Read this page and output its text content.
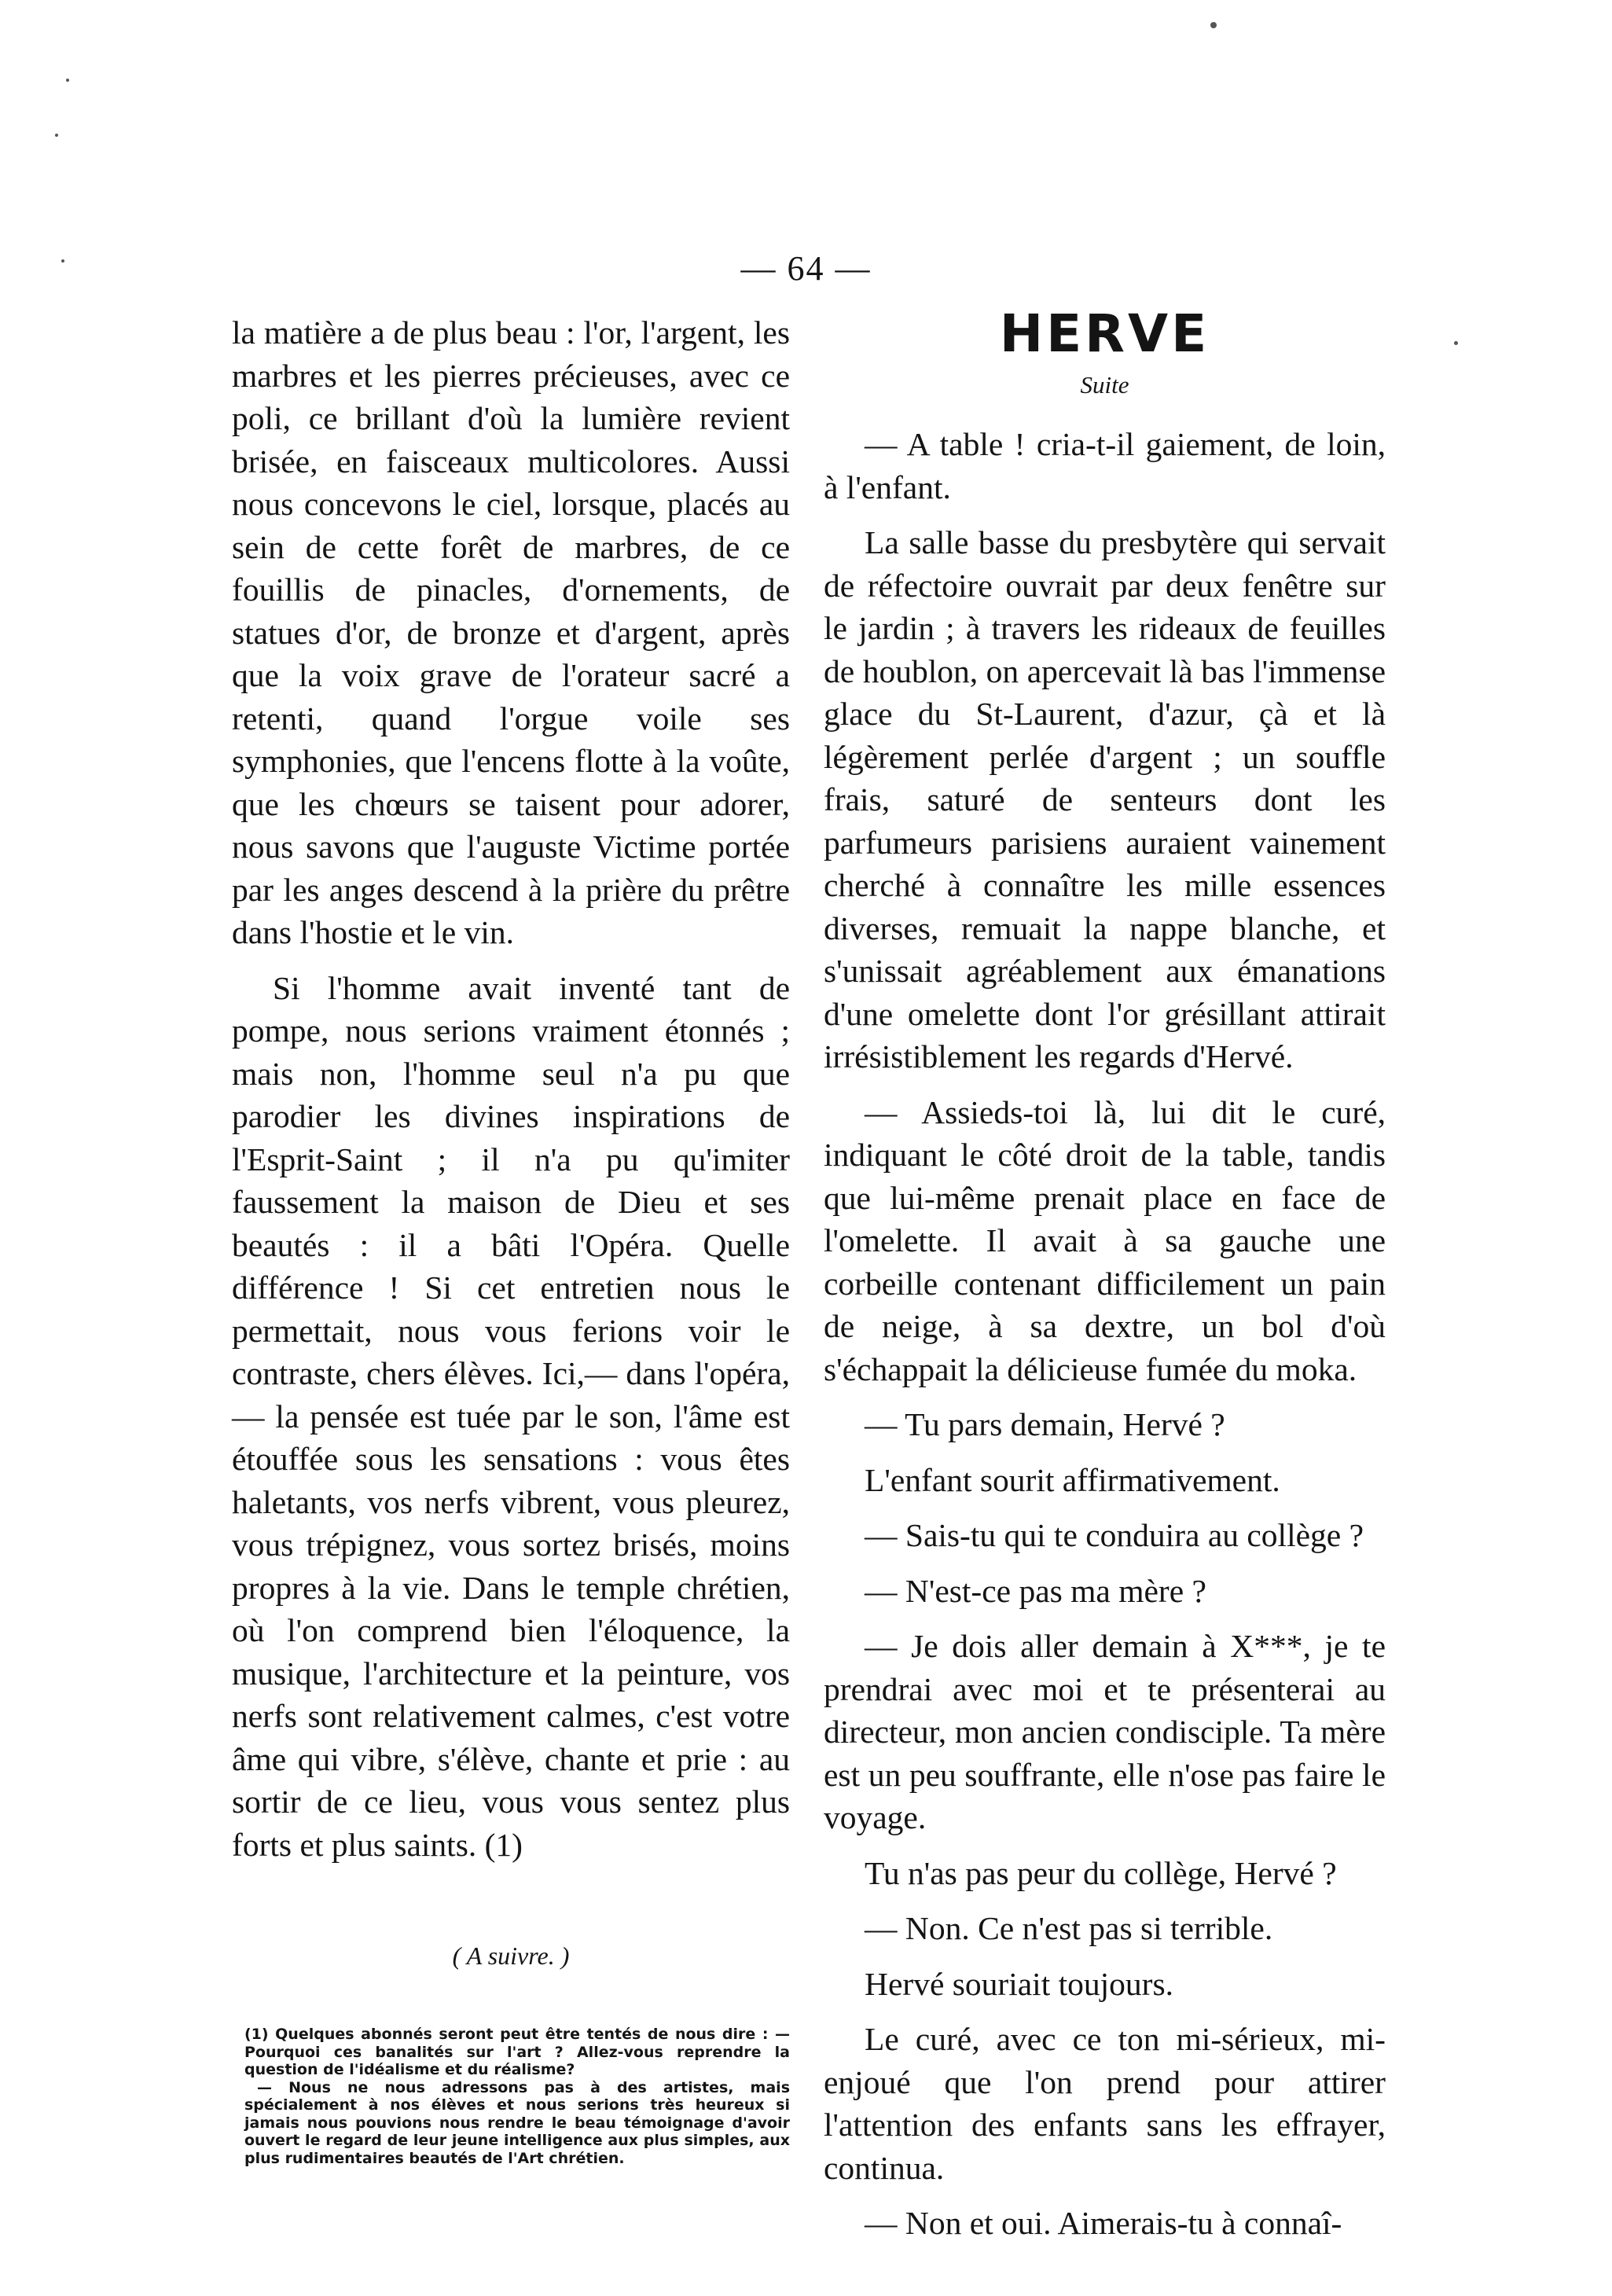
— 64 —

la matière a de plus beau : l'or, l'argent, les marbres et les pierres précieuses, avec ce poli, ce brillant d'où la lumière revient brisée, en faisceaux multicolores. Aussi nous concevons le ciel, lorsque, placés au sein de cette forêt de marbres, de ce fouillis de pinacles, d'ornements, de statues d'or, de bronze et d'argent, après que la voix grave de l'orateur sacré a retenti, quand l'orgue voile ses symphonies, que l'encens flotte à la voûte, que les chœurs se taisent pour adorer, nous savons que l'auguste Victime portée par les anges descend à la prière du prêtre dans l'hostie et le vin.

Si l'homme avait inventé tant de pompe, nous serions vraiment étonnés ; mais non, l'homme seul n'a pu que parodier les divines inspirations de l'Esprit-Saint ; il n'a pu qu'imiter faussement la maison de Dieu et ses beautés : il a bâti l'Opéra. Quelle différence ! Si cet entretien nous le permettait, nous vous ferions voir le contraste, chers élèves. Ici,— dans l'opéra,— la pensée est tuée par le son, l'âme est étouffée sous les sensations : vous êtes haletants, vos nerfs vibrent, vous pleurez, vous trépignez, vous sortez brisés, moins propres à la vie. Dans le temple chrétien, où l'on comprend bien l'éloquence, la musique, l'architecture et la peinture, vos nerfs sont relativement calmes, c'est votre âme qui vibre, s'élève, chante et prie : au sortir de ce lieu, vous vous sentez plus forts et plus saints. (1)

( A suivre. )

(1) Quelques abonnés seront peut être tentés de nous dire : — Pourquoi ces banalités sur l'art ? Allez-vous reprendre la question de l'idéalisme et du réalisme?

— Nous ne nous adressons pas à des artistes, mais spécialement à nos élèves et nous serions très heureux si jamais nous pouvions nous rendre le beau témoignage d'avoir ouvert le regard de leur jeune intelligence aux plus simples, aux plus rudimentaires beautés de l'Art chrétien.

HERVE
Suite

— A table ! cria-t-il gaiement, de loin, à l'enfant.

La salle basse du presbytère qui servait de réfectoire ouvrait par deux fenêtre sur le jardin ; à travers les rideaux de feuilles de houblon, on apercevait là bas l'immense glace du St-Laurent, d'azur, çà et là légèrement perlée d'argent ; un souffle frais, saturé de senteurs dont les parfumeurs parisiens auraient vainement cherché à connaître les mille essences diverses, remuait la nappe blanche, et s'unissait agréablement aux émanations d'une omelette dont l'or grésillant attirait irrésistiblement les regards d'Hervé.

— Assieds-toi là, lui dit le curé, indiquant le côté droit de la table, tandis que lui-même prenait place en face de l'omelette. Il avait à sa gauche une corbeille contenant difficilement un pain de neige, à sa dextre, un bol d'où s'échappait la délicieuse fumée du moka.

— Tu pars demain, Hervé ?

L'enfant sourit affirmativement.

— Sais-tu qui te conduira au collège ?

— N'est-ce pas ma mère ?

— Je dois aller demain à X***, je te prendrai avec moi et te présenterai au directeur, mon ancien condisciple. Ta mère est un peu souffrante, elle n'ose pas faire le voyage.

Tu n'as pas peur du collège, Hervé ?

— Non. Ce n'est pas si terrible.

Hervé souriait toujours.

Le curé, avec ce ton mi-sérieux, mi-enjoué que l'on prend pour attirer l'attention des enfants sans les effrayer, continua.

— Non et oui. Aimerais-tu à connaî-
